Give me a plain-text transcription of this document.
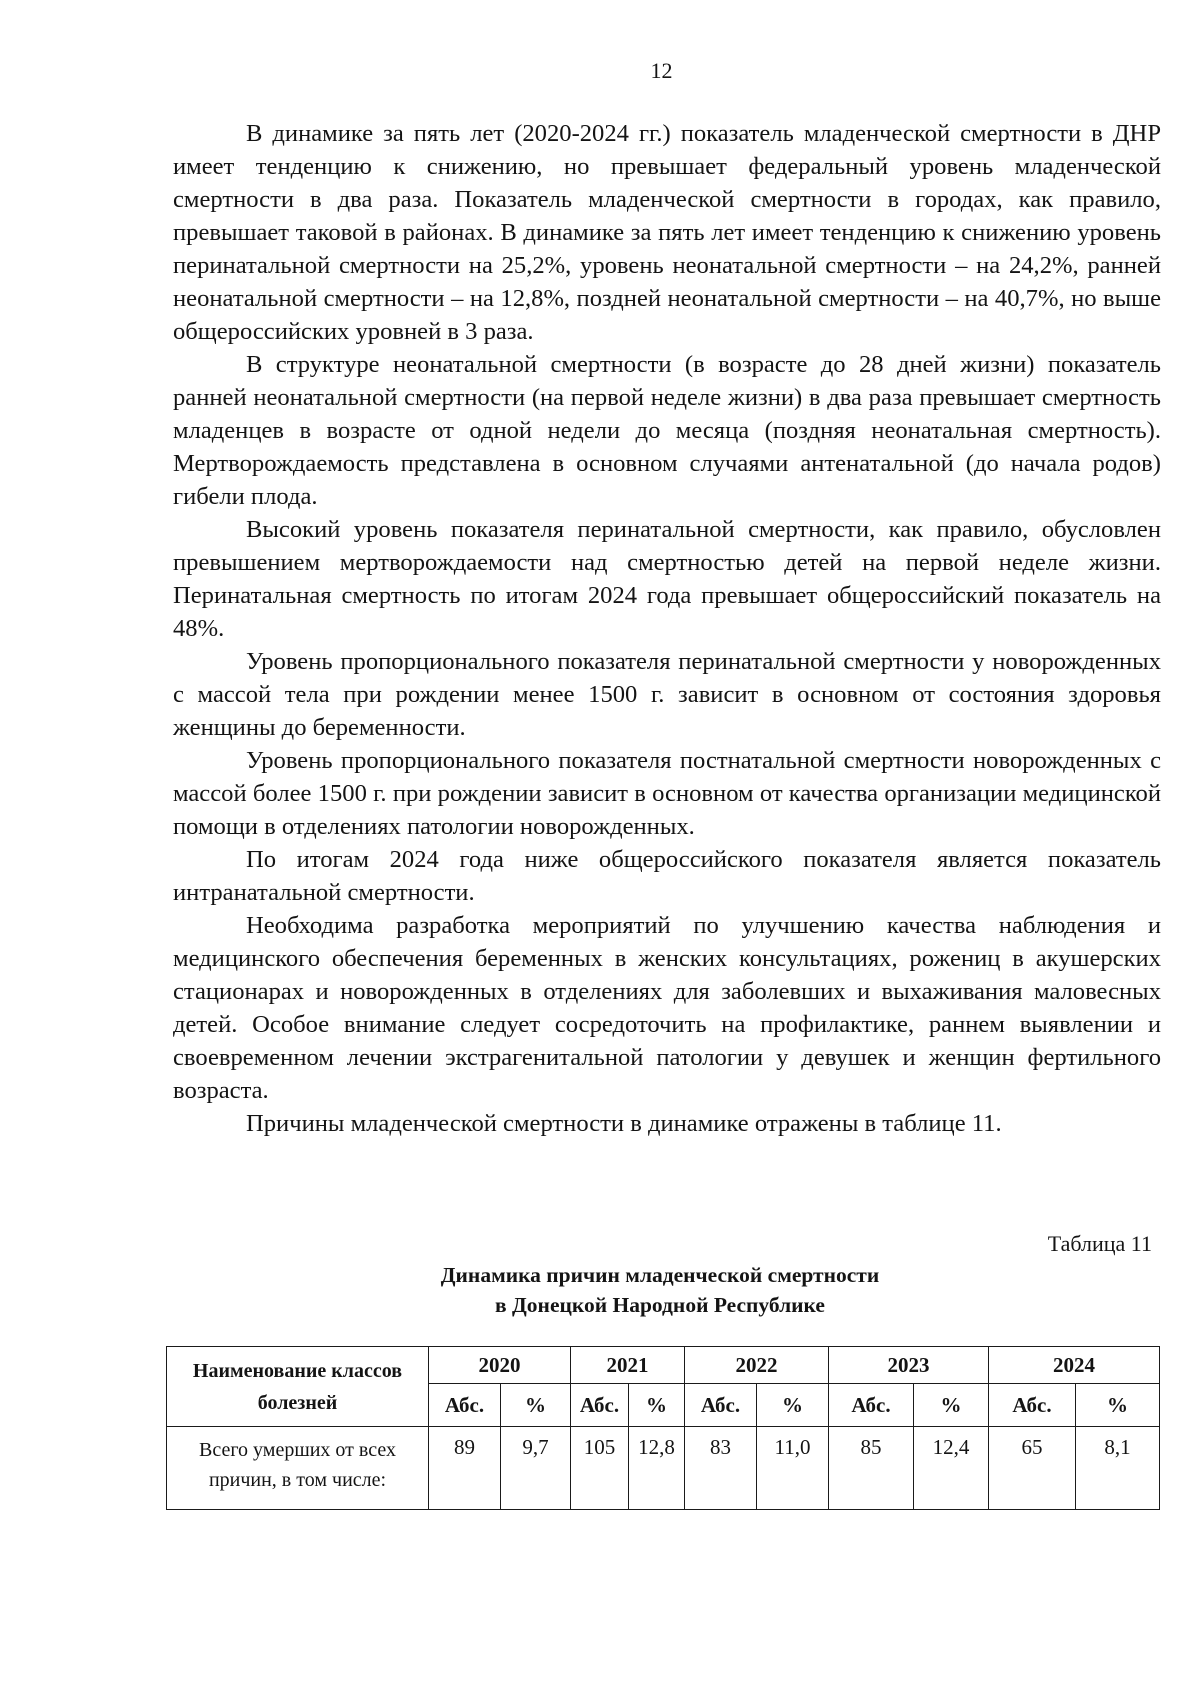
12

В динамике за пять лет (2020-2024 гг.) показатель младенческой смертности в ДНР имеет тенденцию к снижению, но превышает федеральный уровень младенческой смертности в два раза. Показатель младенческой смертности в городах, как правило, превышает таковой в районах. В динамике за пять лет имеет тенденцию к снижению уровень перинатальной смертности на 25,2%, уровень неонатальной смертности – на 24,2%, ранней неонатальной смертности – на 12,8%, поздней неонатальной смертности – на 40,7%, но выше общероссийских уровней в 3 раза.

В структуре неонатальной смертности (в возрасте до 28 дней жизни) показатель ранней неонатальной смертности (на первой неделе жизни) в два раза превышает смертность младенцев в возрасте от одной недели до месяца (поздняя неонатальная смертность). Мертворождаемость представлена в основном случаями антенатальной (до начала родов) гибели плода.

Высокий уровень показателя перинатальной смертности, как правило, обусловлен превышением мертворождаемости над смертностью детей на первой неделе жизни. Перинатальная смертность по итогам 2024 года превышает общероссийский показатель на 48%.

Уровень пропорционального показателя перинатальной смертности у новорожденных с массой тела при рождении менее 1500 г. зависит в основном от состояния здоровья женщины до беременности.

Уровень пропорционального показателя постнатальной смертности новорожденных с массой более 1500 г. при рождении зависит в основном от качества организации медицинской помощи в отделениях патологии новорожденных.

По итогам 2024 года ниже общероссийского показателя является показатель интранатальной смертности.

Необходима разработка мероприятий по улучшению качества наблюдения и медицинского обеспечения беременных в женских консультациях, рожениц в акушерских стационарах и новорожденных в отделениях для заболевших и выхаживания маловесных детей. Особое внимание следует сосредоточить на профилактике, раннем выявлении и своевременном лечении экстрагенитальной патологии у девушек и женщин фертильного возраста.

Причины младенческой смертности в динамике отражены в таблице 11.

Таблица 11
Динамика причин младенческой смертности
в Донецкой Народной Республике
Наименование классов
болезней	2020		2021		2022		2023		2024	
	Абс.	%	Абс.	%	Абс.	%	Абс.	%	Абс.	%
Всего умерших от всех
причин, в том числе:	89	9,7	105	12,8	83	11,0	85	12,4	65	8,1
